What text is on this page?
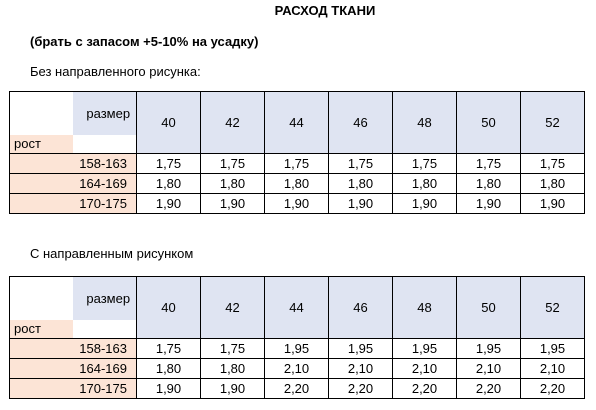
РАСХОД ТКАНИ
(брать с запасом +5-10% на усадку)
Без направленного рисунка:
	размер	40	42	44	46	48	50	52
рост								
158-163		1,75	1,75	1,75	1,75	1,75	1,75	1,75
164-169		1,80	1,80	1,80	1,80	1,80	1,80	1,80
170-175		1,90	1,90	1,90	1,90	1,90	1,90	1,90
С направленным рисунком
	размер	40	42	44	46	48	50	52
рост								
158-163		1,75	1,75	1,95	1,95	1,95	1,95	1,95
164-169		1,80	1,80	2,10	2,10	2,10	2,10	2,10
170-175		1,90	1,90	2,20	2,20	2,20	2,20	2,20
